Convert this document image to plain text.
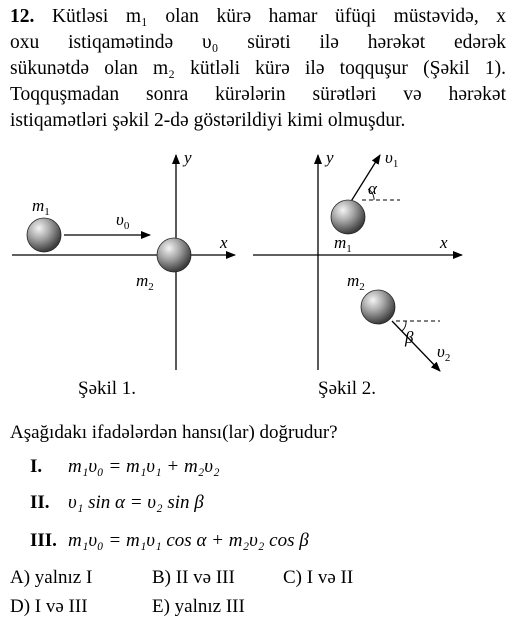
12. Kütləsi m₁ olan kürə hamar üfüqi müstəvidə, x
oxu istiqamətində υ₀ sürəti ilə hərəkət edərək
sükunətdə olan m₂ kütləli kürə ilə toqquşur (Şəkil 1).
Toqquşmadan sonra kürələrin sürətləri və hərəkət
istiqamətləri şəkil 2-də göstərildiyi kimi olmuşdur.
y
x
$m_1$	$\upsilon_0$
$m_2$
y
x
α
$\upsilon_1$
$m_1$
$m_2$
β
$\upsilon_2$
Şəkil 1.	Şəkil 2.
Aşağıdakı ifadələrdən hansı(lar) doğrudur?
I. m₁υ₀ = m₁υ₁ + m₂υ₂
II. υ₁ sin α = υ₂ sin β
III. m₁υ₀ = m₁υ₁ cos α + m₂υ₂ cos β
A) yalnız I	B) II və III	C) I və II
D) I və III	E) yalnız III
